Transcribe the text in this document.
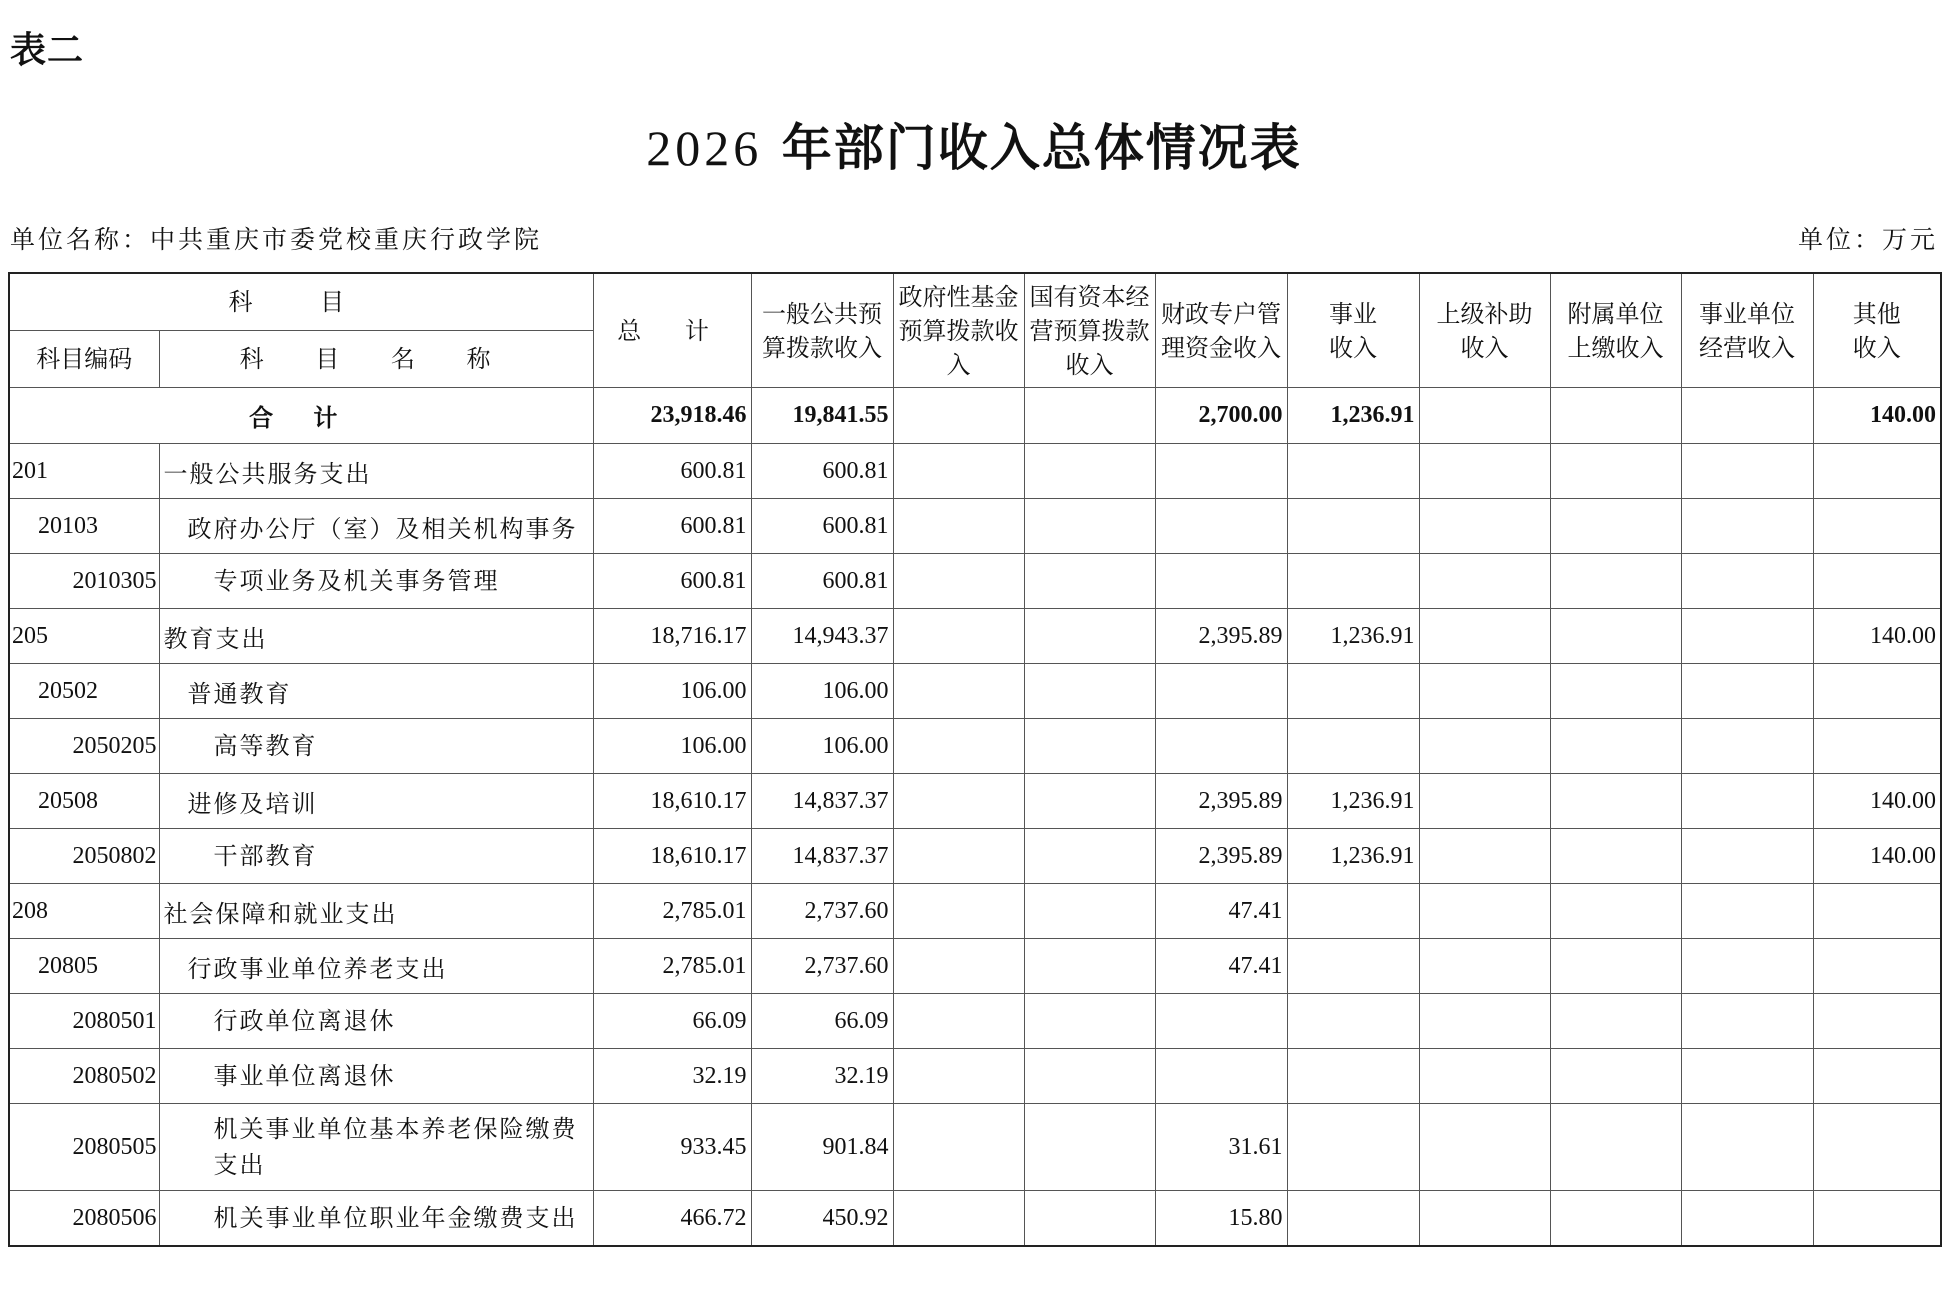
表二
2026 年部门收入总体情况表
单位名称：中共重庆市委党校重庆行政学院	单位：万元
科 目		总 计	一般公共预算拨款收入	政府性基金预算拨款收入	国有资本经营预算拨款收入	财政专户管理资金收入	事业收入	上级补助收入	附属单位上缴收入	事业单位经营收入	其他收入
科目编码	科 目 名 称										
合 计		23,918.46	19,841.55			2,700.00	1,236.91				140.00
201	一般公共服务支出	600.81	600.81								
20103	政府办公厅（室）及相关机构事务	600.81	600.81								
2010305	专项业务及机关事务管理	600.81	600.81								
205	教育支出	18,716.17	14,943.37			2,395.89	1,236.91				140.00
20502	普通教育	106.00	106.00								
2050205	高等教育	106.00	106.00								
20508	进修及培训	18,610.17	14,837.37			2,395.89	1,236.91				140.00
2050802	干部教育	18,610.17	14,837.37			2,395.89	1,236.91				140.00
208	社会保障和就业支出	2,785.01	2,737.60			47.41					
20805	行政事业单位养老支出	2,785.01	2,737.60			47.41					
2080501	行政单位离退休	66.09	66.09								
2080502	事业单位离退休	32.19	32.19								
2080505	机关事业单位基本养老保险缴费支出	933.45	901.84			31.61					
2080506	机关事业单位职业年金缴费支出	466.72	450.92			15.80					
